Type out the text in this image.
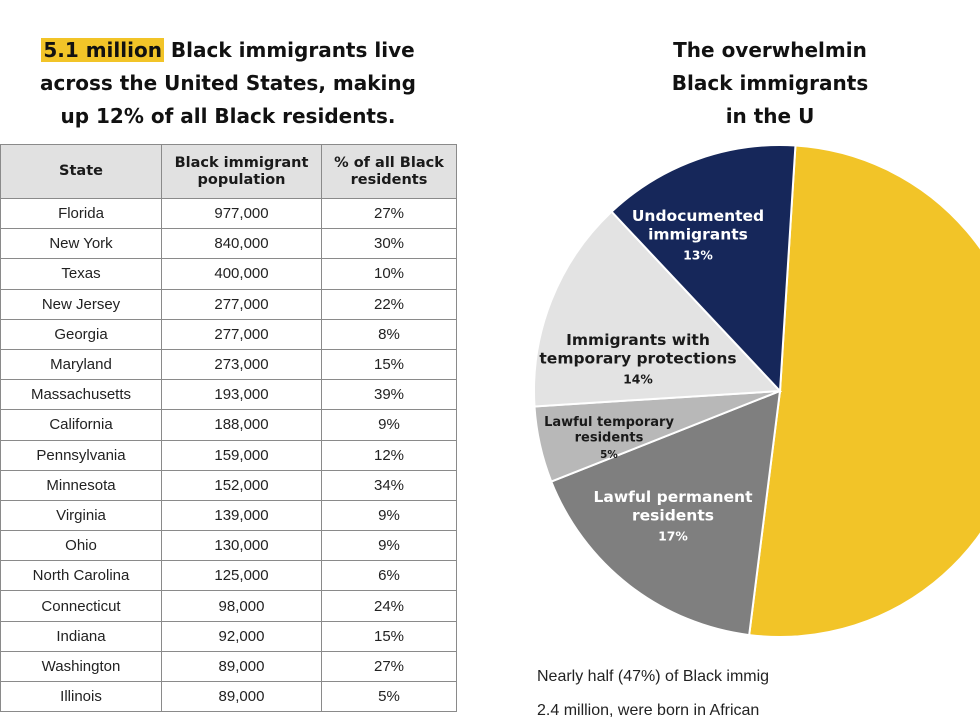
5.1 million Black immigrants live
across the United States, making
up 12% of all Black residents.
The overwhelmin
Black immigrants
in the U
State	Black immigrant population	% of all Black residents
Florida	977,000	27%
New York	840,000	30%
Texas	400,000	10%
New Jersey	277,000	22%
Georgia	277,000	8%
Maryland	273,000	15%
Massachusetts	193,000	39%
California	188,000	9%
Pennsylvania	159,000	12%
Minnesota	152,000	34%
Virginia	139,000	9%
Ohio	130,000	9%
North Carolina	125,000	6%
Connecticut	98,000	24%
Indiana	92,000	15%
Washington	89,000	27%
Illinois	89,000	5%
Lawful permanent residents 17%
Lawful temporary residents 5%
Immigrants with temporary protections 14%
Undocumented immigrants 13%
Nearly half (47%) of Black immig
2.4 million, were born in African
